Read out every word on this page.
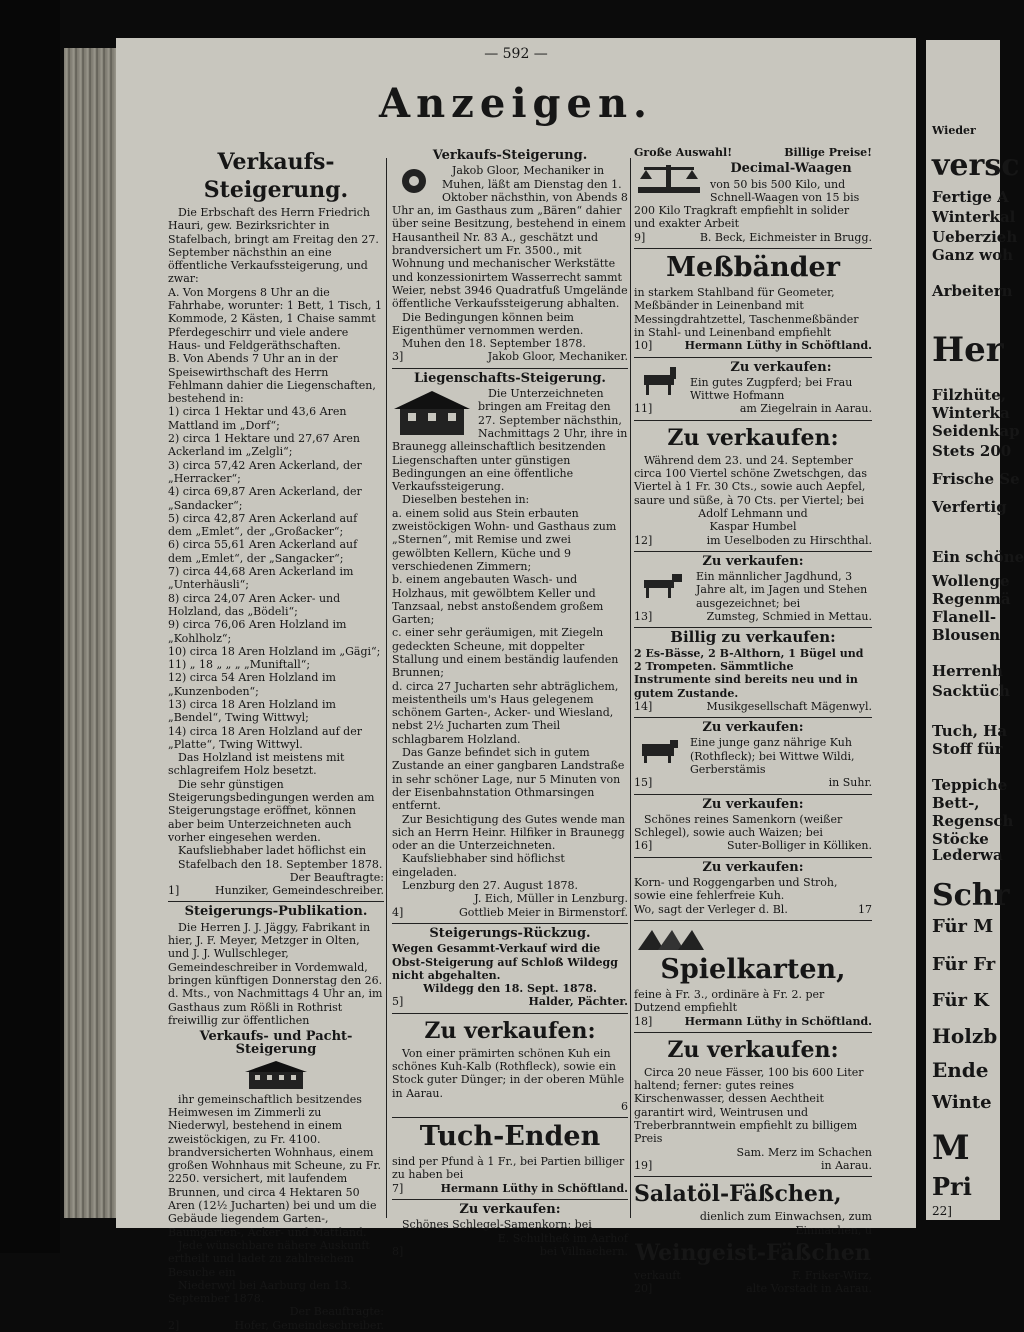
— 592 —
Anzeigen.
Verkaufs-Steigerung.

Die Erbschaft des Herrn Friedrich Hauri, gew. Bezirksrichter in Stafelbach, bringt am Freitag den 27. September nächsthin an eine öffentliche Verkaufssteigerung, und zwar:

A. Von Morgens 8 Uhr an die Fahrhabe, worunter: 1 Bett, 1 Tisch, 1 Kommode, 2 Kästen, 1 Chaise sammt Pferdegeschirr und viele andere Haus- und Feldgeräthschaften.

B. Von Abends 7 Uhr an in der Speisewirthschaft des Herrn Fehlmann dahier die Liegenschaften, bestehend in:

1) circa 1 Hektar und 43,6 Aren Mattland im „Dorf“;

2) circa 1 Hektare und 27,67 Aren Ackerland im „Zelgli“;

3) circa 57,42 Aren Ackerland, der „Herracker“;

4) circa 69,87 Aren Ackerland, der „Sandacker“;

5) circa 42,87 Aren Ackerland auf dem „Emlet“, der „Großacker“;

6) circa 55,61 Aren Ackerland auf dem „Emlet“, der „Sangacker“;

7) circa 44,68 Aren Ackerland im „Unterhäusli“;

8) circa 24,07 Aren Acker- und Holzland, das „Bödeli“;

9) circa 76,06 Aren Holzland im „Kohlholz“;

10) circa 18 Aren Holzland im „Gägi“;

11) „ 18 „ „ „ „Muniftall“;

12) circa 54 Aren Holzland im „Kunzenboden“;

13) circa 18 Aren Holzland im „Bendel“, Twing Wittwyl;

14) circa 18 Aren Holzland auf der „Platte“, Twing Wittwyl.

Das Holzland ist meistens mit schlagreifem Holz besetzt.

Die sehr günstigen Steigerungsbedingungen werden am Steigerungstage eröffnet, können aber beim Unterzeichneten auch vorher eingesehen werden.

Kaufsliebhaber ladet höflichst ein

Stafelbach den 18. September 1878.

Der Beauftragte:

1]	Hunziker, Gemeindeschreiber.
Steigerungs-Publikation.

Die Herren J. J. Jäggy, Fabrikant in hier, J. F. Meyer, Metzger in Olten, und J. J. Wullschleger, Gemeindeschreiber in Vordemwald, bringen künftigen Donnerstag den 26. d. Mts., von Nachmittags 4 Uhr an, im Gasthaus zum Rößli in Rothrist freiwillig zur öffentlichen

Verkaufs- und Pacht-Steigerung

ihr gemeinschaftlich besitzendes Heimwesen im Zimmerli zu Niederwyl, bestehend in einem zweistöckigen, zu Fr. 4100. brandversicherten Wohnhaus, einem großen Wohnhaus mit Scheune, zu Fr. 2250. versichert, mit laufendem Brunnen, und circa 4 Hektaren 50 Aren (12½ Jucharten) bei und um die Gebäude liegendem Garten-, Baumgarten-, Acker- und Mattland.

Jede wünschbare nähere Auskunft ertheilt und ladet zu zahlreichem Besuche ein

Niederwyl bei Aarburg den 13. September 1878.

Der Beauftragte:

2]	Hofer, Gemeindeschreiber.
Verkaufs-Steigerung.

Jakob Gloor, Mechaniker in Muhen, läßt am Dienstag den 1. Oktober nächsthin, von Abends 8 Uhr an, im Gasthaus zum „Bären“ dahier über seine Besitzung, bestehend in einem Hausantheil Nr. 83 A., geschätzt und brandversichert um Fr. 3500., mit Wohnung und mechanischer Werkstätte und konzessionirtem Wasserrecht sammt Weier, nebst 3946 Quadratfuß Umgelände öffentliche Verkaufssteigerung abhalten.

Die Bedingungen können beim Eigenthümer vernommen werden.

Muhen den 18. September 1878.

3]	Jakob Gloor, Mechaniker.
Liegenschafts-Steigerung.

Die Unterzeichneten bringen am Freitag den 27. September nächsthin, Nachmittags 2 Uhr, ihre in Braunegg alleinschaftlich besitzenden Liegenschaften unter günstigen Bedingungen an eine öffentliche Verkaufssteigerung.

Dieselben bestehen in:

a. einem solid aus Stein erbauten zweistöckigen Wohn- und Gasthaus zum „Sternen“, mit Remise und zwei gewölbten Kellern, Küche und 9 verschiedenen Zimmern;

b. einem angebauten Wasch- und Holzhaus, mit gewölbtem Keller und Tanzsaal, nebst anstoßendem großem Garten;

c. einer sehr geräumigen, mit Ziegeln gedeckten Scheune, mit doppelter Stallung und einem beständig laufenden Brunnen;

d. circa 27 Jucharten sehr abträglichem, meistentheils um's Haus gelegenem schönem Garten-, Acker- und Wiesland, nebst 2½ Jucharten zum Theil schlagbarem Holzland.

Das Ganze befindet sich in gutem Zustande an einer gangbaren Landstraße in sehr schöner Lage, nur 5 Minuten von der Eisenbahnstation Othmarsingen entfernt.

Zur Besichtigung des Gutes wende man sich an Herrn Heinr. Hilfiker in Braunegg oder an die Unterzeichneten.

Kaufsliebhaber sind höflichst eingeladen.

Lenzburg den 27. August 1878.

J. Eich, Müller in Lenzburg.

4]	Gottlieb Meier in Birmenstorf.
Steigerungs-Rückzug.

Wegen Gesammt-Verkauf wird die Obst-Steigerung auf Schloß Wildegg nicht abgehalten.

Wildegg den 18. Sept. 1878.

5]	Halder, Pächter.
Zu verkaufen:

Von einer prämirten schönen Kuh ein schönes Kuh-Kalb (Rothfleck), sowie ein Stock guter Dünger; in der oberen Mühle in Aarau.

6
Tuch-Enden

sind per Pfund à 1 Fr., bei Partien billiger zu haben bei

7]	Hermann Lüthy in Schöftland.
Zu verkaufen:

Schönes Schlegel-Samenkorn; bei

E. Schultheß im Aarhof

8]	bei Villnachern.
Große Auswahl!	Billige Preise!
Decimal-Waagen

von 50 bis 500 Kilo, und Schnell-Waagen von 15 bis 200 Kilo Tragkraft empfiehlt in solider und exakter Arbeit

9]	B. Beck, Eichmeister in Brugg.
Meßbänder

in starkem Stahlband für Geometer, Meßbänder in Leinenband mit Messingdrahtzettel, Taschenmeßbänder in Stahl- und Leinenband empfiehlt

10]	Hermann Lüthy in Schöftland.
Zu verkaufen:

Ein gutes Zugpferd; bei Frau Wittwe Hofmann

11]	am Ziegelrain in Aarau.
Zu verkaufen:

Während dem 23. und 24. September circa 100 Viertel schöne Zwetschgen, das Viertel à 1 Fr. 30 Cts., sowie auch Aepfel, saure und süße, à 70 Cts. per Viertel; bei

Adolf Lehmann und

Kaspar Humbel

12]	im Ueselboden zu Hirschthal.
Zu verkaufen:

Ein männlicher Jagdhund, 3 Jahre alt, im Jagen und Stehen ausgezeichnet; bei

13]	Zumsteg, Schmied in Mettau.
Billig zu verkaufen:

2 Es-Bässe, 2 B-Althorn, 1 Bügel und 2 Trompeten. Sämmtliche Instrumente sind bereits neu und in gutem Zustande.

14]	Musikgesellschaft Mägenwyl.
Zu verkaufen:

Eine junge ganz nährige Kuh (Rothfleck); bei Wittwe Wildi, Gerberstämis

15]	in Suhr.
Zu verkaufen:

Schönes reines Samenkorn (weißer Schlegel), sowie auch Waizen; bei

16]	Suter-Bolliger in Kölliken.
Zu verkaufen:

Korn- und Roggengarben und Stroh, sowie eine fehlerfreie Kuh.

Wo, sagt der Verleger d. Bl.	17
Spielkarten,

feine à Fr. 3., ordinäre à Fr. 2. per Dutzend empfiehlt

18]	Hermann Lüthy in Schöftland.
Zu verkaufen:

Circa 20 neue Fässer, 100 bis 600 Liter haltend; ferner: gutes reines Kirschenwasser, dessen Aechtheit garantirt wird, Weintrusen und Treberbranntwein empfiehlt zu billigem Preis

Sam. Merz im Schachen

19]	in Aarau.
Salatöl-Fäßchen,

dienlich zum Einwachsen, zum Einmachen, u

Weingeist-Fäßchen
verkauft	F. Friker-Wirz,
20]	alte Vorstadt in Aarau.
Wieder
versc
Fertige A
Winterkal
Ueberzieh
Ganz woh
Arbeitern
Her
Filzhüte,
Winterka
Seidenkap
Stets 200
Frische Se
Verfertig
Ein schöne
Wollenge
Regenmä
Flanell-
Blousen
Herrenh
Sacktüch
Tuch, Ha
Stoff für
Teppiche
Bett-,
Regensch
Stöcke
Lederwa
Schr
Für M
Für Fr
Für K
Holzb
Ende
Winte
M
Pri
22]
